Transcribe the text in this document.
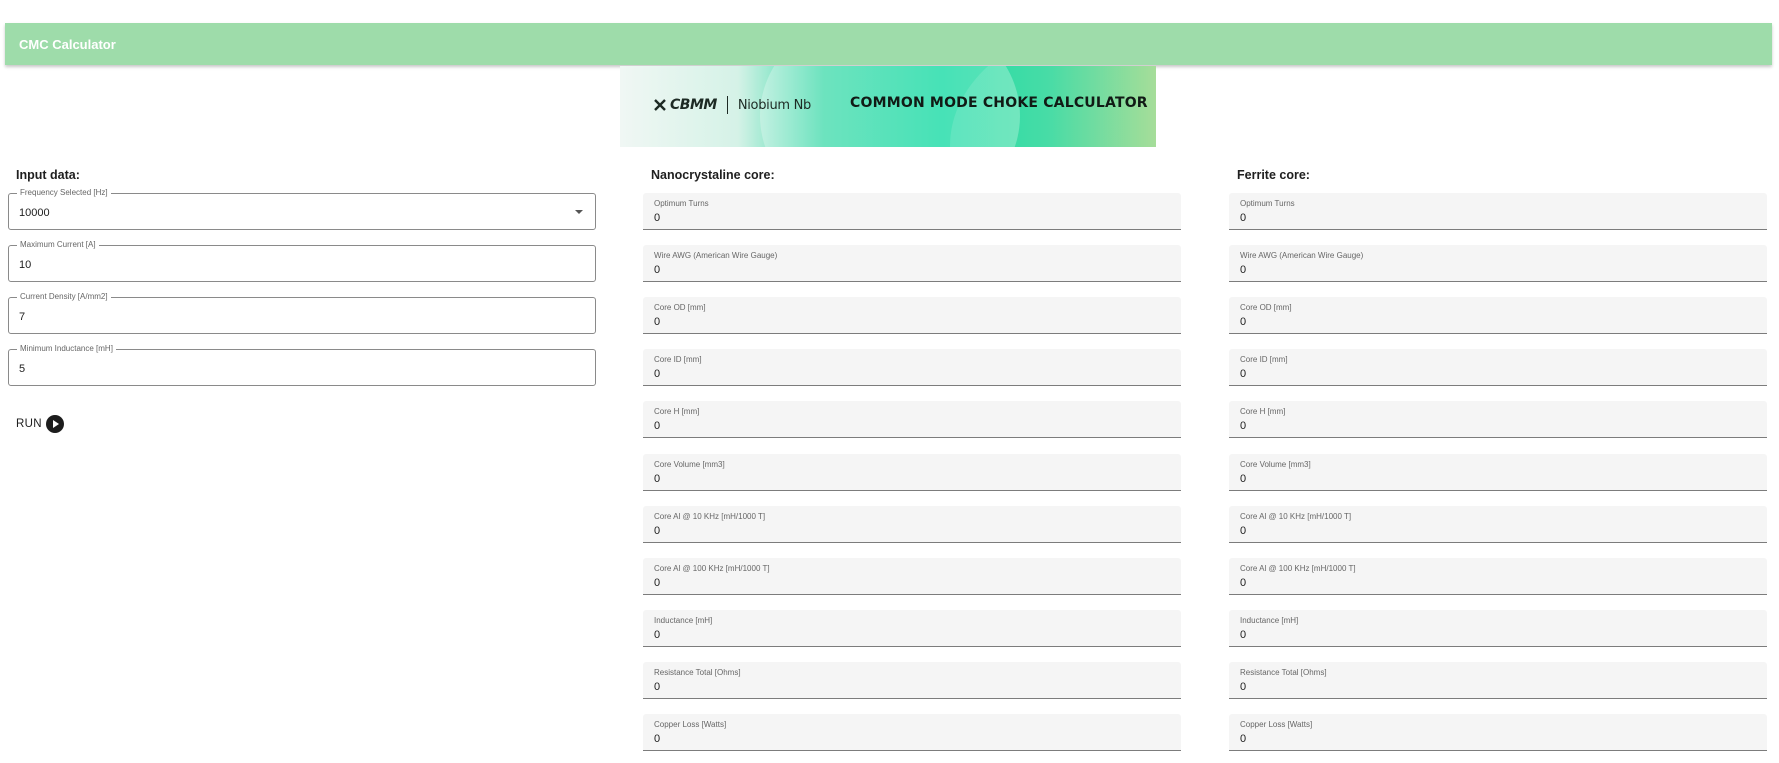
CMC Calculator
CBMM Niobium Nb	COMMON MODE CHOKE CALCULATOR
Input data:
Frequency Selected [Hz]
10000
Maximum Current [A]
10
Current Density [A/mm2]
7
Minimum Inductance [mH]
5
RUN
Nanocrystaline core:
Optimum Turns
0
Wire AWG (American Wire Gauge)
0
Core OD [mm]
0
Core ID [mm]
0
Core H [mm]
0
Core Volume [mm3]
0
Core Al @ 10 KHz [mH/1000 T]
0
Core Al @ 100 KHz [mH/1000 T]
0
Inductance [mH]
0
Resistance Total [Ohms]
0
Copper Loss [Watts]
0
Ferrite core:
Optimum Turns
0
Wire AWG (American Wire Gauge)
0
Core OD [mm]
0
Core ID [mm]
0
Core H [mm]
0
Core Volume [mm3]
0
Core Al @ 10 KHz [mH/1000 T]
0
Core Al @ 100 KHz [mH/1000 T]
0
Inductance [mH]
0
Resistance Total [Ohms]
0
Copper Loss [Watts]
0
